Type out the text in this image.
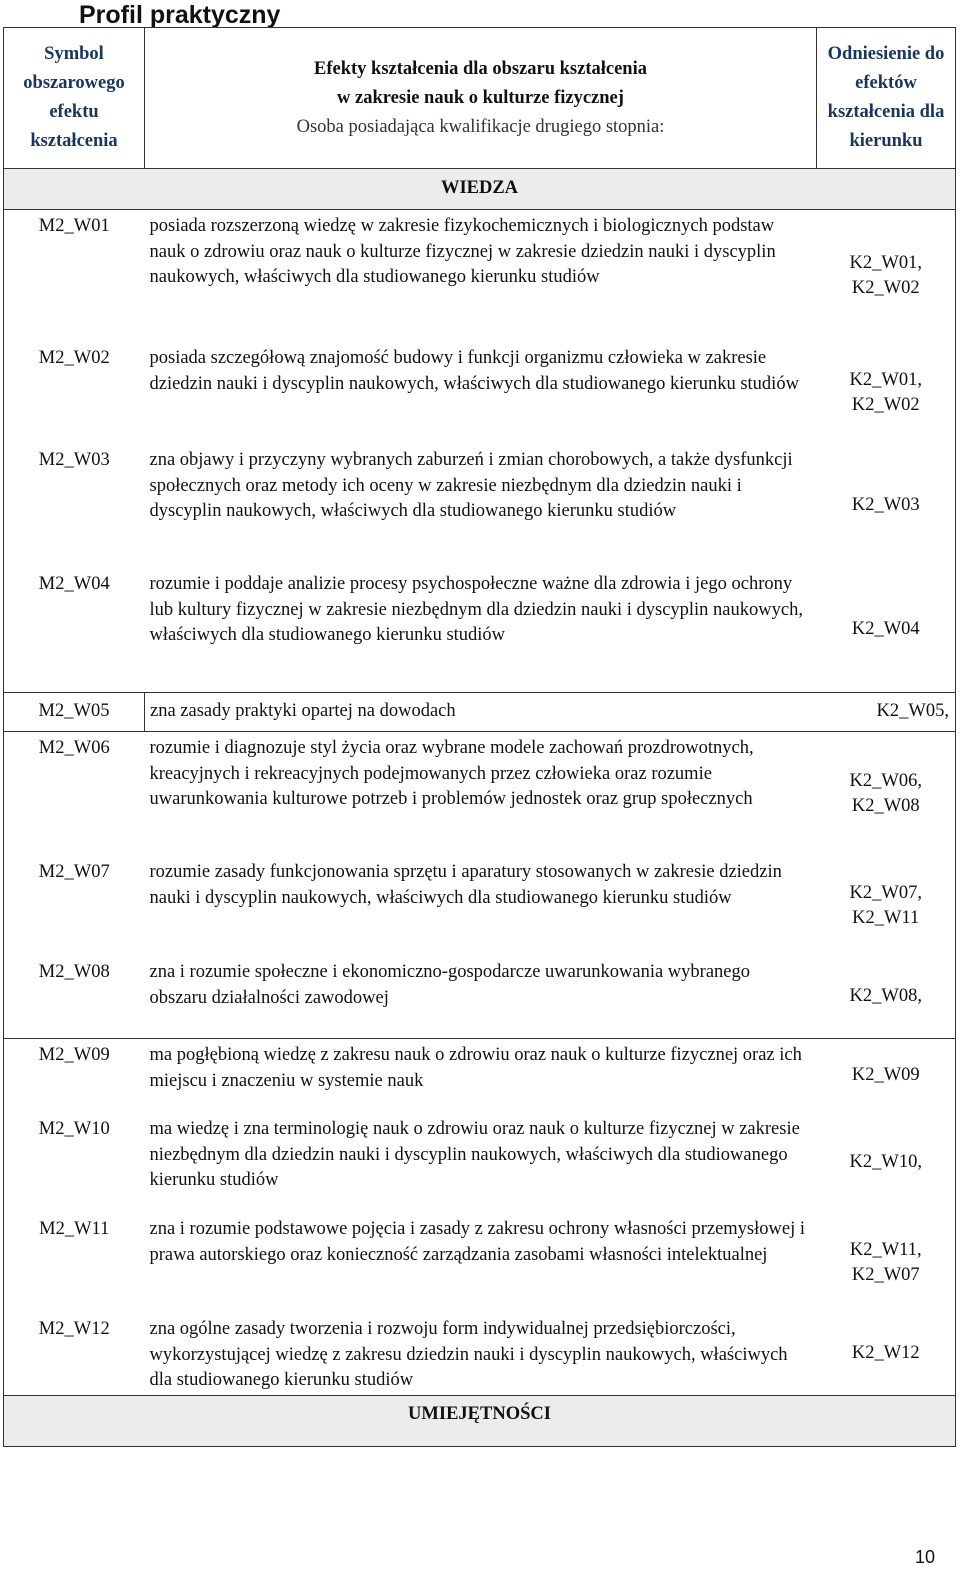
Profil praktyczny
Symbol obszarowego efektu kształcenia	Efekty kształcenia dla obszaru kształcenia
w zakresie nauk o kulturze fizycznej
Osoba posiadająca kwalifikacje drugiego stopnia:	Odniesienie do efektów kształcenia dla kierunku
WIEDZA		
M2_W01	posiada rozszerzoną wiedzę w zakresie fizykochemicznych i biologicznych podstaw nauk o zdrowiu oraz nauk o kulturze fizycznej w zakresie dziedzin nauki i dyscyplin naukowych, właściwych dla studiowanego kierunku studiów	K2_W01, K2_W02
M2_W02	posiada szczegółową znajomość budowy i funkcji organizmu człowieka w zakresie dziedzin nauki i dyscyplin naukowych, właściwych dla studiowanego kierunku studiów	K2_W01, K2_W02
M2_W03	zna objawy i przyczyny wybranych zaburzeń i zmian chorobowych, a także dysfunkcji społecznych oraz metody ich oceny w zakresie niezbędnym dla dziedzin nauki i dyscyplin naukowych, właściwych dla studiowanego kierunku studiów	K2_W03
M2_W04	rozumie i poddaje analizie procesy psychospołeczne ważne dla zdrowia i jego ochrony lub kultury fizycznej w zakresie niezbędnym dla dziedzin nauki i dyscyplin naukowych, właściwych dla studiowanego kierunku studiów	K2_W04
M2_W05	zna zasady praktyki opartej na dowodach	K2_W05,
M2_W06	rozumie i diagnozuje styl życia oraz wybrane modele zachowań prozdrowotnych, kreacyjnych i rekreacyjnych podejmowanych przez człowieka oraz rozumie uwarunkowania kulturowe potrzeb i problemów jednostek oraz grup społecznych	K2_W06, K2_W08
M2_W07	rozumie zasady funkcjonowania sprzętu i aparatury stosowanych w zakresie dziedzin nauki i dyscyplin naukowych, właściwych dla studiowanego kierunku studiów	K2_W07, K2_W11
M2_W08	zna i rozumie społeczne i ekonomiczno-gospodarcze uwarunkowania wybranego obszaru działalności zawodowej	K2_W08,
M2_W09	ma pogłębioną wiedzę z zakresu nauk o zdrowiu oraz nauk o kulturze fizycznej oraz ich miejscu i znaczeniu w systemie nauk	K2_W09
M2_W10	ma wiedzę i zna terminologię nauk o zdrowiu oraz nauk o kulturze fizycznej w zakresie niezbędnym dla dziedzin nauki i dyscyplin naukowych, właściwych dla studiowanego kierunku studiów	K2_W10,
M2_W11	zna i rozumie podstawowe pojęcia i zasady z zakresu ochrony własności przemysłowej i prawa autorskiego oraz konieczność zarządzania zasobami własności intelektualnej	K2_W11, K2_W07
M2_W12	zna ogólne zasady tworzenia i rozwoju form indywidualnej przedsiębiorczości, wykorzystującej wiedzę z zakresu dziedzin nauki i dyscyplin naukowych, właściwych dla studiowanego kierunku studiów	K2_W12
UMIEJĘTNOŚCI		
10
